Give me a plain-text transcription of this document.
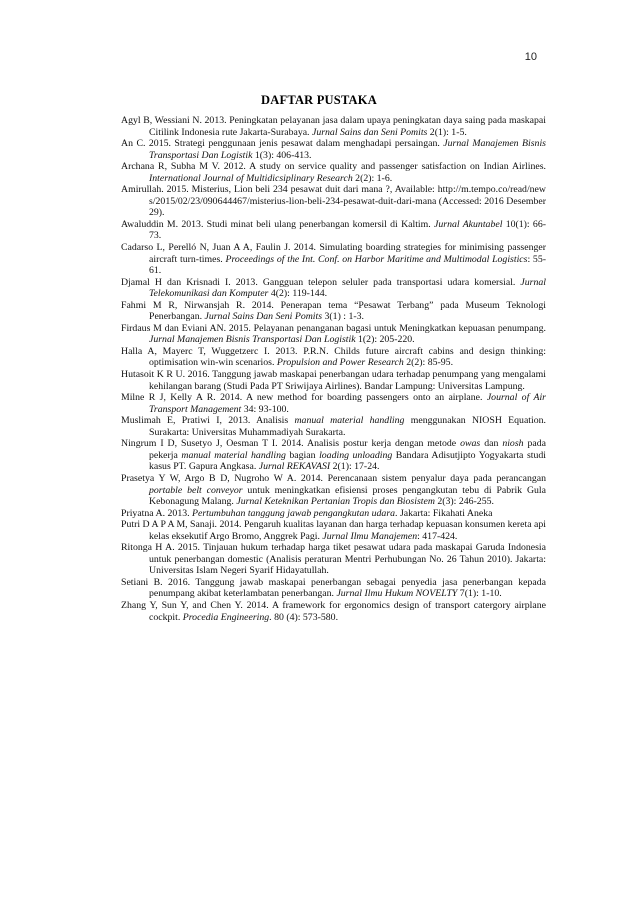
10
DAFTAR PUSTAKA

Agyl B, Wessiani N. 2013. Peningkatan pelayanan jasa dalam upaya peningkatan daya saing pada maskapai Citilink Indonesia rute Jakarta-Surabaya. Jurnal Sains dan Seni Pomits 2(1): 1-5.

An C. 2015. Strategi penggunaan jenis pesawat dalam menghadapi persaingan. Jurnal Manajemen Bisnis Transportasi Dan Logistik 1(3): 406-413.

Archana R, Subha M V. 2012. A study on service quality and passenger satisfaction on Indian Airlines. International Journal of Multidicsiplinary Research 2(2): 1-6.

Amirullah. 2015. Misterius, Lion beli 234 pesawat duit dari mana ?, Available: http://m.tempo.co/read/news/2015/02/23/090644467/misterius-lion-beli-234-pesawat-duit-dari-mana (Accessed: 2016 Desember 29).

Awaluddin M. 2013. Studi minat beli ulang penerbangan komersil di Kaltim. Jurnal Akuntabel 10(1): 66-73.

Cadarso L, Perelló N, Juan A A, Faulin J. 2014. Simulating boarding strategies for minimising passenger aircraft turn-times. Proceedings of the Int. Conf. on Harbor Maritime and Multimodal Logistics: 55-61.

Djamal H dan Krisnadi I. 2013. Gangguan telepon seluler pada transportasi udara komersial. Jurnal Telekomunikasi dan Komputer 4(2): 119-144.

Fahmi M R, Nirwansjah R. 2014. Penerapan tema “Pesawat Terbang” pada Museum Teknologi Penerbangan. Jurnal Sains Dan Seni Pomits 3(1) : 1-3.

Firdaus M dan Eviani AN. 2015. Pelayanan penanganan bagasi untuk Meningkatkan kepuasan penumpang. Jurnal Manajemen Bisnis Transportasi Dan Logistik 1(2): 205-220.

Halla A, Mayerc T, Wuggetzerc I. 2013. P.R.N. Childs future aircraft cabins and design thinking: optimisation win-win scenarios. Propulsion and Power Research 2(2): 85-95.

Hutasoit K R U. 2016. Tanggung jawab maskapai penerbangan udara terhadap penumpang yang mengalami kehilangan barang (Studi Pada PT Sriwijaya Airlines). Bandar Lampung: Universitas Lampung.

Milne R J, Kelly A R. 2014. A new method for boarding passengers onto an airplane. Journal of Air Transport Management 34: 93-100.

Muslimah E, Pratiwi I, 2013. Analisis manual material handling menggunakan NIOSH Equation. Surakarta: Universitas Muhammadiyah Surakarta.

Ningrum I D, Susetyo J, Oesman T I. 2014. Analisis postur kerja dengan metode owas dan niosh pada pekerja manual material handling bagian loading unloading Bandara Adisutjipto Yogyakarta studi kasus PT. Gapura Angkasa. Jurnal REKAVASI 2(1): 17-24.

Prasetya Y W, Argo B D, Nugroho W A. 2014. Perencanaan sistem penyalur daya pada perancangan portable belt conveyor untuk meningkatkan efisiensi proses pengangkutan tebu di Pabrik Gula Kebonagung Malang. Jurnal Keteknikan Pertanian Tropis dan Biosistem 2(3): 246-255.

Priyatna A. 2013. Pertumbuhan tanggung jawab pengangkutan udara. Jakarta: Fikahati Aneka

Putri D A P A M, Sanaji. 2014. Pengaruh kualitas layanan dan harga terhadap kepuasan konsumen kereta api kelas eksekutif Argo Bromo, Anggrek Pagi. Jurnal Ilmu Manajemen: 417-424.

Ritonga H A. 2015. Tinjauan hukum terhadap harga tiket pesawat udara pada maskapai Garuda Indonesia untuk penerbangan domestic (Analisis peraturan Mentri Perhubungan No. 26 Tahun 2010). Jakarta: Universitas Islam Negeri Syarif Hidayatullah.

Setiani B. 2016. Tanggung jawab maskapai penerbangan sebagai penyedia jasa penerbangan kepada penumpang akibat keterlambatan penerbangan. Jurnal Ilmu Hukum NOVELTY 7(1): 1-10.

Zhang Y, Sun Y, and Chen Y. 2014. A framework for ergonomics design of transport catergory airplane cockpit. Procedia Engineering. 80 (4): 573-580.
